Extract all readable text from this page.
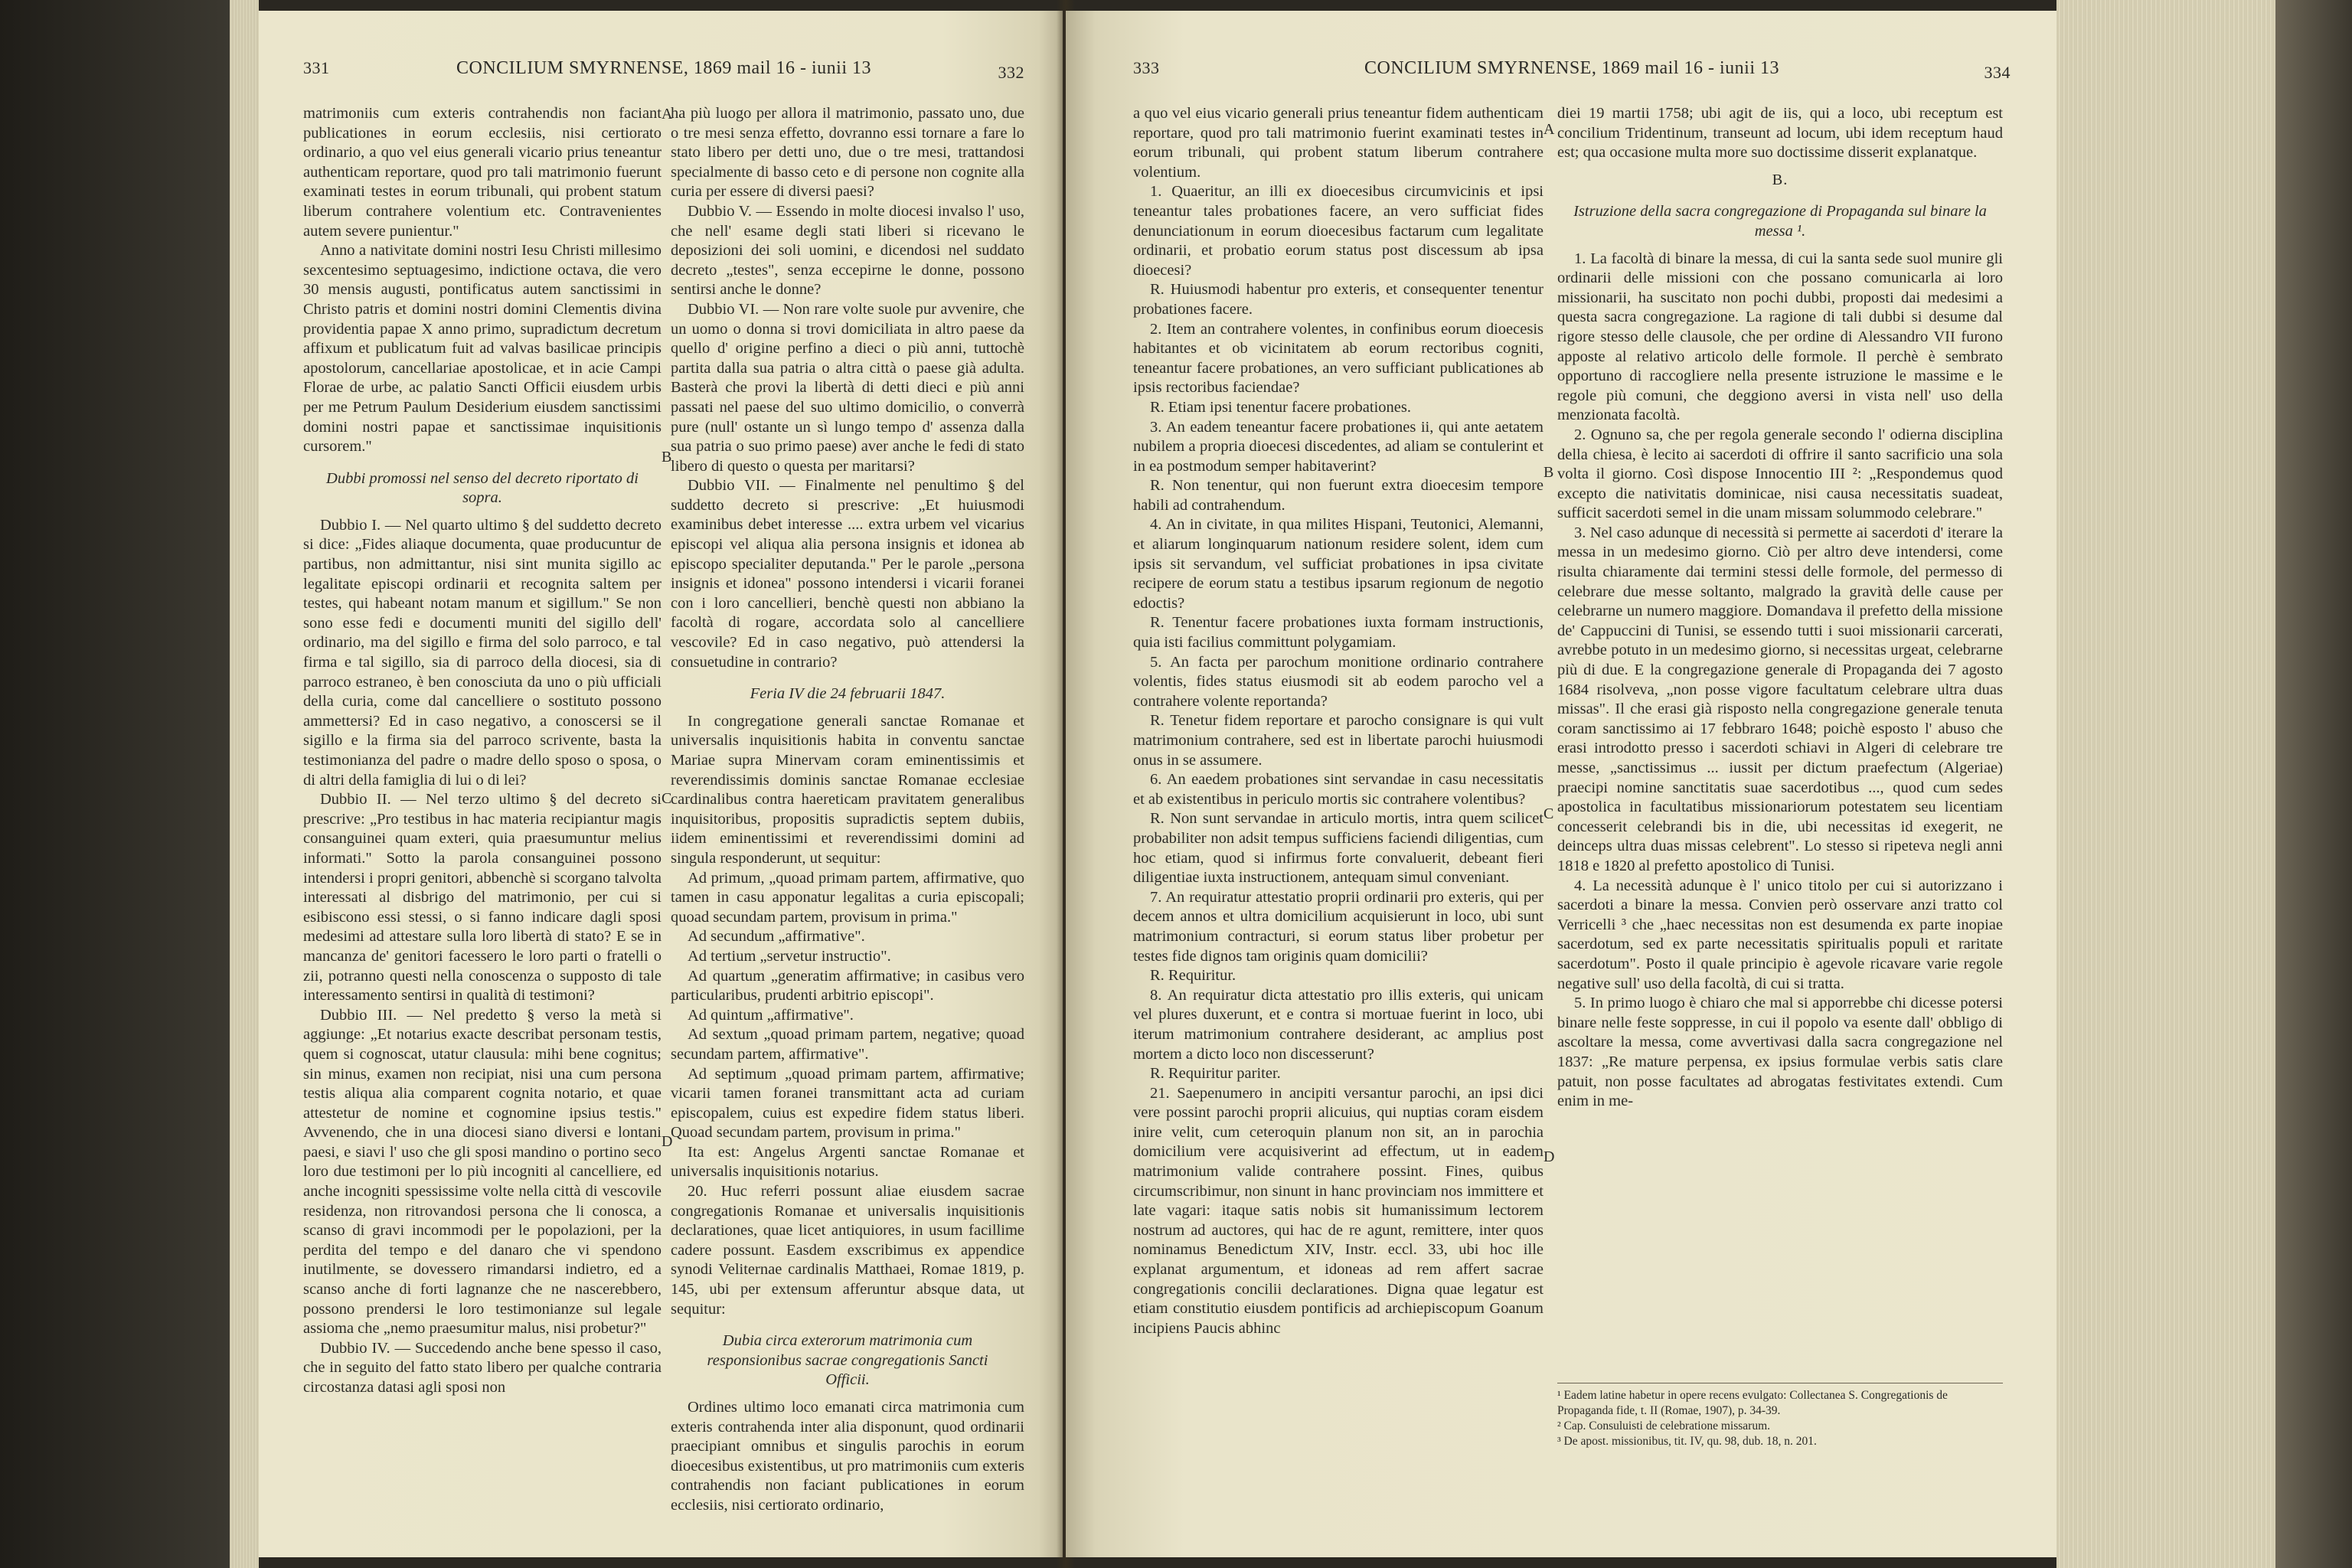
331	CONCILIUM SMYRNENSE, 1869 mail 16 - iunii 13	332

matrimoniis cum exteris contrahendis non faciant publicationes in eorum ecclesiis, nisi certiorato ordinario, a quo vel eius generali vicario prius teneantur authenticam reportare, quod pro tali matrimonio fuerunt examinati testes in eorum tribunali, qui probent statum liberum contrahere volentium etc. Contravenientes autem severe punientur."

Anno a nativitate domini nostri Iesu Christi millesimo sexcentesimo septuagesimo, indictione octava, die vero 30 mensis augusti, pontificatus autem sanctissimi in Christo patris et domini nostri domini Clementis divina providentia papae X anno primo, supradictum decretum affixum et publicatum fuit ad valvas basilicae principis apostolorum, cancellariae apostolicae, et in acie Campi Florae de urbe, ac palatio Sancti Officii eiusdem urbis per me Petrum Paulum Desiderium eiusdem sanctissimi domini nostri papae et sanctissimae inquisitionis cursorem."

Dubbi promossi nel senso del decreto riportato di sopra.

Dubbio I. — Nel quarto ultimo § del suddetto decreto si dice: „Fides aliaque documenta, quae producuntur de partibus, non admittantur, nisi sint munita sigillo ac legalitate episcopi ordinarii et recognita saltem per testes, qui habeant notam manum et sigillum." Se non sono esse fedi e documenti muniti del sigillo dell' ordinario, ma del sigillo e firma del solo parroco, e tal firma e tal sigillo, sia di parroco della diocesi, sia di parroco estraneo, è ben conosciuta da uno o più ufficiali della curia, come dal cancelliere o sostituto possono ammettersi? Ed in caso negativo, a conoscersi se il sigillo e la firma sia del parroco scrivente, basta la testimonianza del padre o madre dello sposo o sposa, o di altri della famiglia di lui o di lei?

Dubbio II. — Nel terzo ultimo § del decreto si prescrive: „Pro testibus in hac materia recipiantur magis consanguinei quam exteri, quia praesumuntur melius informati." Sotto la parola consanguinei possono intendersi i propri genitori, abbenchè si scorgano talvolta interessati al disbrigo del matrimonio, per cui si esibiscono essi stessi, o si fanno indicare dagli sposi medesimi ad attestare sulla loro libertà di stato? E se in mancanza de' genitori facessero le loro parti o fratelli o zii, potranno questi nella conoscenza o supposto di tale interessamento sentirsi in qualità di testimoni?

Dubbio III. — Nel predetto § verso la metà si aggiunge: „Et notarius exacte describat personam testis, quem si cognoscat, utatur clausula: mihi bene cognitus; sin minus, examen non recipiat, nisi una cum persona testis aliqua alia comparent cognita notario, et quae attestetur de nomine et cognomine ipsius testis." Avvenendo, che in una diocesi siano diversi e lontani paesi, e siavi l' uso che gli sposi mandino o portino seco loro due testimoni per lo più incogniti al cancelliere, ed anche incogniti spessissime volte nella città di vescovile residenza, non ritrovandosi persona che li conosca, a scanso di gravi incommodi per le popolazioni, per la perdita del tempo e del danaro che vi spendono inutilmente, se dovessero rimandarsi indietro, ed a scanso anche di forti lagnanze che ne nascerebbero, possono prendersi le loro testimonianze sul legale assioma che „nemo praesumitur malus, nisi probetur?"

Dubbio IV. — Succedendo anche bene spesso il caso, che in seguito del fatto stato libero per qualche contraria circostanza datasi agli sposi non

ha più luogo per allora il matrimonio, passato uno, due o tre mesi senza effetto, dovranno essi tornare a fare lo stato libero per detti uno, due o tre mesi, trattandosi specialmente di basso ceto e di persone non cognite alla curia per essere di diversi paesi?

Dubbio V. — Essendo in molte diocesi invalso l' uso, che nell' esame degli stati liberi si ricevano le deposizioni dei soli uomini, e dicendosi nel suddato decreto „testes", senza eccepirne le donne, possono sentirsi anche le donne?

Dubbio VI. — Non rare volte suole pur avvenire, che un uomo o donna si trovi domiciliata in altro paese da quello d' origine perfino a dieci o più anni, tuttochè partita dalla sua patria o altra città o paese già adulta. Basterà che provi la libertà di detti dieci e più anni passati nel paese del suo ultimo domicilio, o converrà pure (null' ostante un sì lungo tempo d' assenza dalla sua patria o suo primo paese) aver anche le fedi di stato libero di questo o questa per maritarsi?

Dubbio VII. — Finalmente nel penultimo § del suddetto decreto si prescrive: „Et huiusmodi examinibus debet interesse .... extra urbem vel vicarius episcopi vel aliqua alia persona insignis et idonea ab episcopo specialiter deputanda." Per le parole „persona insignis et idonea" possono intendersi i vicarii foranei con i loro cancellieri, benchè questi non abbiano la facoltà di rogare, accordata solo al cancelliere vescovile? Ed in caso negativo, può attendersi la consuetudine in contrario?

Feria IV die 24 februarii 1847.

In congregatione generali sanctae Romanae et universalis inquisitionis habita in conventu sanctae Mariae supra Minervam coram eminentissimis et reverendissimis dominis sanctae Romanae ecclesiae cardinalibus contra haereticam pravitatem generalibus inquisitoribus, propositis supradictis septem dubiis, iidem eminentissimi et reverendissimi domini ad singula responderunt, ut sequitur:

Ad primum, „quoad primam partem, affirmative, quo tamen in casu apponatur legalitas a curia episcopali; quoad secundam partem, provisum in prima."

Ad secundum „affirmative".

Ad tertium „servetur instructio".

Ad quartum „generatim affirmative; in casibus vero particularibus, prudenti arbitrio episcopi".

Ad quintum „affirmative".

Ad sextum „quoad primam partem, negative; quoad secundam partem, affirmative".

Ad septimum „quoad primam partem, affirmative; vicarii tamen foranei transmittant acta ad curiam episcopalem, cuius est expedire fidem status liberi. Quoad secundam partem, provisum in prima."

Ita est: Angelus Argenti sanctae Romanae et universalis inquisitionis notarius.

20. Huc referri possunt aliae eiusdem sacrae congregationis Romanae et universalis inquisitionis declarationes, quae licet antiquiores, in usum facillime cadere possunt. Easdem exscribimus ex appendice synodi Veliternae cardinalis Matthaei, Romae 1819, p. 145, ubi per extensum afferuntur absque data, ut sequitur:

Dubia circa exterorum matrimonia cum responsionibus sacrae congregationis Sancti Officii.

Ordines ultimo loco emanati circa matrimonia cum exteris contrahenda inter alia disponunt, quod ordinarii praecipiant omnibus et singulis parochis in eorum dioecesibus existentibus, ut pro matrimoniis cum exteris contrahendis non faciant publicationes in eorum ecclesiis, nisi certiorato ordinario,

A
B
C
D
333	CONCILIUM SMYRNENSE, 1869 mail 16 - iunii 13	334

a quo vel eius vicario generali prius teneantur fidem authenticam reportare, quod pro tali matrimonio fuerint examinati testes in eorum tribunali, qui probent statum liberum contrahere volentium.

1. Quaeritur, an illi ex dioecesibus circumvicinis et ipsi teneantur tales probationes facere, an vero sufficiat fides denunciationum in eorum dioecesibus factarum cum legalitate ordinarii, et probatio eorum status post discessum ab ipsa dioecesi?

R. Huiusmodi habentur pro exteris, et consequenter tenentur probationes facere.

2. Item an contrahere volentes, in confinibus eorum dioecesis habitantes et ob vicinitatem ab eorum rectoribus cogniti, teneantur facere probationes, an vero sufficiant publicationes ab ipsis rectoribus faciendae?

R. Etiam ipsi tenentur facere probationes.

3. An eadem teneantur facere probationes ii, qui ante aetatem nubilem a propria dioecesi discedentes, ad aliam se contulerint et in ea postmodum semper habitaverint?

R. Non tenentur, qui non fuerunt extra dioecesim tempore habili ad contrahendum.

4. An in civitate, in qua milites Hispani, Teutonici, Alemanni, et aliarum longinquarum nationum residere solent, idem cum ipsis sit servandum, vel sufficiat probationes in ipsa civitate recipere de eorum statu a testibus ipsarum regionum de negotio edoctis?

R. Tenentur facere probationes iuxta formam instructionis, quia isti facilius committunt polygamiam.

5. An facta per parochum monitione ordinario contrahere volentis, fides status eiusmodi sit ab eodem parocho vel a contrahere volente reportanda?

R. Tenetur fidem reportare et parocho consignare is qui vult matrimonium contrahere, sed est in libertate parochi huiusmodi onus in se assumere.

6. An eaedem probationes sint servandae in casu necessitatis et ab existentibus in periculo mortis sic contrahere volentibus?

R. Non sunt servandae in articulo mortis, intra quem scilicet probabiliter non adsit tempus sufficiens faciendi diligentias, cum hoc etiam, quod si infirmus forte convaluerit, debeant fieri diligentiae iuxta instructionem, antequam simul conveniant.

7. An requiratur attestatio proprii ordinarii pro exteris, qui per decem annos et ultra domicilium acquisierunt in loco, ubi sunt matrimonium contracturi, si eorum status liber probetur per testes fide dignos tam originis quam domicilii?

R. Requiritur.

8. An requiratur dicta attestatio pro illis exteris, qui unicam vel plures duxerunt, et e contra si mortuae fuerint in loco, ubi iterum matrimonium contrahere desiderant, ac amplius post mortem a dicto loco non discesserunt?

R. Requiritur pariter.

21. Saepenumero in ancipiti versantur parochi, an ipsi dici vere possint parochi proprii alicuius, qui nuptias coram eisdem inire velit, cum ceteroquin planum non sit, an in parochia domicilium vere acquisiverint ad effectum, ut in eadem matrimonium valide contrahere possint. Fines, quibus circumscribimur, non sinunt in hanc provinciam nos immittere et late vagari: itaque satis nobis sit humanissimum lectorem nostrum ad auctores, qui hac de re agunt, remittere, inter quos nominamus Benedictum XIV, Instr. eccl. 33, ubi hoc ille explanat argumentum, et idoneas ad rem affert sacrae congregationis concilii declarationes. Digna quae legatur est etiam constitutio eiusdem pontificis ad archiepiscopum Goanum incipiens Paucis abhinc

diei 19 martii 1758; ubi agit de iis, qui a loco, ubi receptum est concilium Tridentinum, transeunt ad locum, ubi idem receptum haud est; qua occasione multa more suo doctissime disserit explanatque.

B.

Istruzione della sacra congregazione di Propaganda sul binare la messa ¹.

1. La facoltà di binare la messa, di cui la santa sede suol munire gli ordinarii delle missioni con che possano comunicarla ai loro missionarii, ha suscitato non pochi dubbi, proposti dai medesimi a questa sacra congregazione. La ragione di tali dubbi si desume dal rigore stesso delle clausole, che per ordine di Alessandro VII furono apposte al relativo articolo delle formole. Il perchè è sembrato opportuno di raccogliere nella presente istruzione le massime e le regole più comuni, che deggiono aversi in vista nell' uso della menzionata facoltà.

2. Ognuno sa, che per regola generale secondo l' odierna disciplina della chiesa, è lecito ai sacerdoti di offrire il santo sacrificio una sola volta il giorno. Così dispose Innocentio III ²: „Respondemus quod excepto die nativitatis dominicae, nisi causa necessitatis suadeat, sufficit sacerdoti semel in die unam missam solummodo celebrare."

3. Nel caso adunque di necessità si permette ai sacerdoti d' iterare la messa in un medesimo giorno. Ciò per altro deve intendersi, come risulta chiaramente dai termini stessi delle formole, del permesso di celebrare due messe soltanto, malgrado la gravità delle cause per celebrarne un numero maggiore. Domandava il prefetto della missione de' Cappuccini di Tunisi, se essendo tutti i suoi missionarii carcerati, avrebbe potuto in un medesimo giorno, si necessitas urgeat, celebrarne più di due. E la congregazione generale di Propaganda dei 7 agosto 1684 risolveva, „non posse vigore facultatum celebrare ultra duas missas". Il che erasi già risposto nella congregazione generale tenuta coram sanctissimo ai 17 febbraro 1648; poichè esposto l' abuso che erasi introdotto presso i sacerdoti schiavi in Algeri di celebrare tre messe, „sanctissimus ... iussit per dictum praefectum (Algeriae) praecipi nomine sanctitatis suae sacerdotibus ..., quod cum sedes apostolica in facultatibus missionariorum potestatem seu licentiam concesserit celebrandi bis in die, ubi necessitas id exegerit, ne deinceps ultra duas missas celebrent". Lo stesso si ripeteva negli anni 1818 e 1820 al prefetto apostolico di Tunisi.

4. La necessità adunque è l' unico titolo per cui si autorizzano i sacerdoti a binare la messa. Convien però osservare anzi tratto col Verricelli ³ che „haec necessitas non est desumenda ex parte inopiae sacerdotum, sed ex parte necessitatis spiritualis populi et raritate sacerdotum". Posto il quale principio è agevole ricavare varie regole negative sull' uso della facoltà, di cui si tratta.

5. In primo luogo è chiaro che mal si apporrebbe chi dicesse potersi binare nelle feste soppresse, in cui il popolo va esente dall' obbligo di ascoltare la messa, come avvertivasi dalla sacra congregazione nel 1837: „Re mature perpensa, ex ipsius formulae verbis satis clare patuit, non posse facultates ad abrogatas festivitates extendi. Cum enim in me-

A
B
C
D
¹ Eadem latine habetur in opere recens evulgato: Collectanea S. Congregationis de Propaganda fide, t. II (Romae, 1907), p. 34-39.
² Cap. Consuluisti de celebratione missarum.
³ De apost. missionibus, tit. IV, qu. 98, dub. 18, n. 201.
